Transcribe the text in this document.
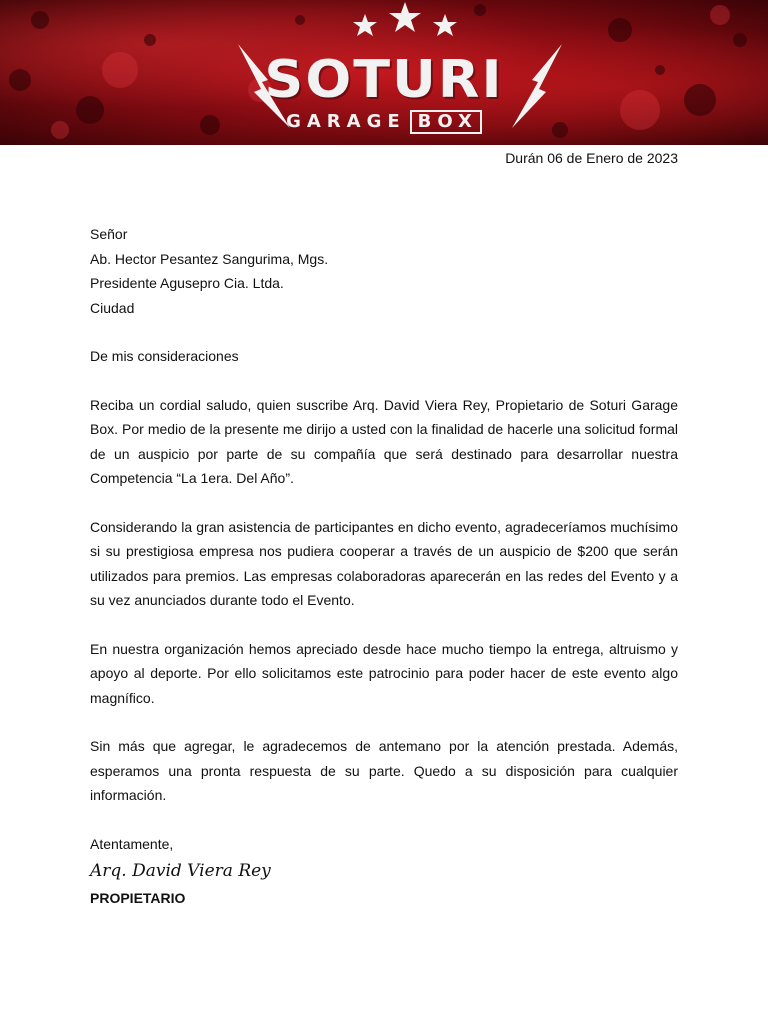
SOTURI
GARAGE BOX
Durán 06 de Enero de 2023

Señor

Ab. Hector Pesantez Sangurima, Mgs.

Presidente Agusepro Cia. Ltda.

Ciudad

De mis consideraciones

Reciba un cordial saludo, quien suscribe Arq. David Viera Rey, Propietario de Soturi Garage Box. Por medio de la presente me dirijo a usted con la finalidad de hacerle una solicitud formal de un auspicio por parte de su compañía que será destinado para desarrollar nuestra Competencia “La 1era. Del Año”.

Considerando la gran asistencia de participantes en dicho evento, agradeceríamos muchísimo si su prestigiosa empresa nos pudiera cooperar a través de un auspicio de $200 que serán utilizados para premios. Las empresas colaboradoras aparecerán en las redes del Evento y a su vez anunciados durante todo el Evento.

En nuestra organización hemos apreciado desde hace mucho tiempo la entrega, altruismo y apoyo al deporte. Por ello solicitamos este patrocinio para poder hacer de este evento algo magnífico.

Sin más que agregar, le agradecemos de antemano por la atención prestada. Además, esperamos una pronta respuesta de su parte. Quedo a su disposición para cualquier información.

Atentamente,

Arq. David Viera Rey

PROPIETARIO
